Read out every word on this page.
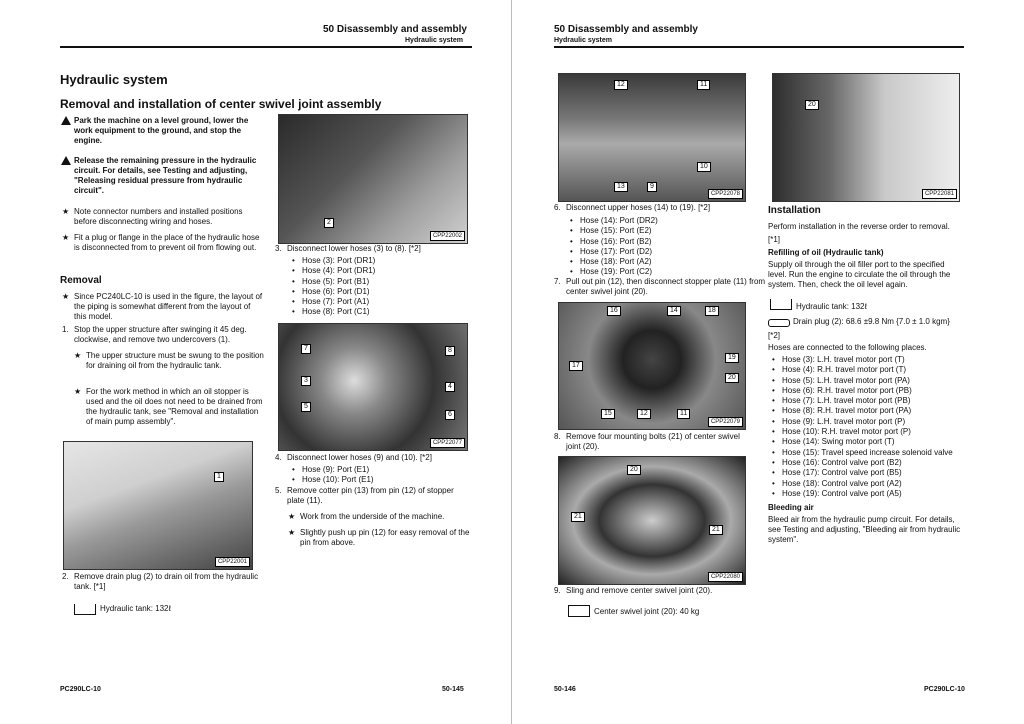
50 Disassembly and assembly
Hydraulic system
Hydraulic system
Removal and installation of center swivel joint assembly
Park the machine on a level ground, lower the work equipment to the ground, and stop the engine.
Release the remaining pressure in the hydraulic circuit. For details, see Testing and adjusting, "Releasing residual pressure from hydraulic circuit".
★ Note connector numbers and installed positions before disconnecting wiring and hoses.
★ Fit a plug or flange in the place of the hydraulic hose is disconnected from to prevent oil from flowing out.
Removal
★ Since PC240LC-10 is used in the figure, the layout of the piping is somewhat different from the layout of this model.
1. Stop the upper structure after swinging it 45 deg. clockwise, and remove two undercovers (1).
★ The upper structure must be swung to the position for draining oil from the hydraulic tank.
★ For the work method in which an oil stopper is used and the oil does not need to be drained from the hydraulic tank, see "Removal and installation of main pump assembly".
1
CPP22001
2. Remove drain plug (2) to drain oil from the hydraulic tank. [*1]
Hydraulic tank: 132ℓ
2
CPP22002
3. Disconnect lower hoses (3) to (8). [*2]
• Hose (3): Port (DR1)
• Hose (4): Port (DR1)
• Hose (5): Port (B1)
• Hose (6): Port (D1)
• Hose (7): Port (A1)
• Hose (8): Port (C1)
7
3
5
8
4
6
CPP22077
4. Disconnect lower hoses (9) and (10). [*2]
• Hose (9): Port (E1)
• Hose (10): Port (E1)
5. Remove cotter pin (13) from pin (12) of stopper plate (11).
★ Work from the underside of the machine.
★ Slightly push up pin (12) for easy removal of the pin from above.
PC290LC-10	50-145
50 Disassembly and assembly
Hydraulic system
12	11
10
13	9
CPP22078
20
CPP22081
6. Disconnect upper hoses (14) to (19). [*2]
• Hose (14): Port (DR2)
• Hose (15): Port (E2)
• Hose (16): Port (B2)
• Hose (17): Port (D2)
• Hose (18): Port (A2)
• Hose (19): Port (C2)
7. Pull out pin (12), then disconnect stopper plate (11) from center swivel joint (20).
16	14	18
17
19
20
15	12	11
CPP22079
8. Remove four mounting bolts (21) of center swivel joint (20).
20
21
21
CPP22080
9. Sling and remove center swivel joint (20).
Center swivel joint (20): 40 kg
Installation
Perform installation in the reverse order to removal.
[*1]
Refilling of oil (Hydraulic tank)
Supply oil through the oil filler port to the specified level. Run the engine to circulate the oil through the system. Then, check the oil level again.
Hydraulic tank: 132ℓ
Drain plug (2): 68.6 ±9.8 Nm {7.0 ± 1.0 kgm}
[*2]
Hoses are connected to the following places.
• Hose (3): L.H. travel motor port (T)
• Hose (4): R.H. travel motor port (T)
• Hose (5): L.H. travel motor port (PA)
• Hose (6): R.H. travel motor port (PB)
• Hose (7): L.H. travel motor port (PB)
• Hose (8): R.H. travel motor port (PA)
• Hose (9): L.H. travel motor port (P)
• Hose (10): R.H. travel motor port (P)
• Hose (14): Swing motor port (T)
• Hose (15): Travel speed increase solenoid valve
• Hose (16): Control valve port (B2)
• Hose (17): Control valve port (B5)
• Hose (18): Control valve port (A2)
• Hose (19): Control valve port (A5)
Bleeding air
Bleed air from the hydraulic pump circuit. For details, see Testing and adjusting, "Bleeding air from hydraulic system".
50-146	PC290LC-10
